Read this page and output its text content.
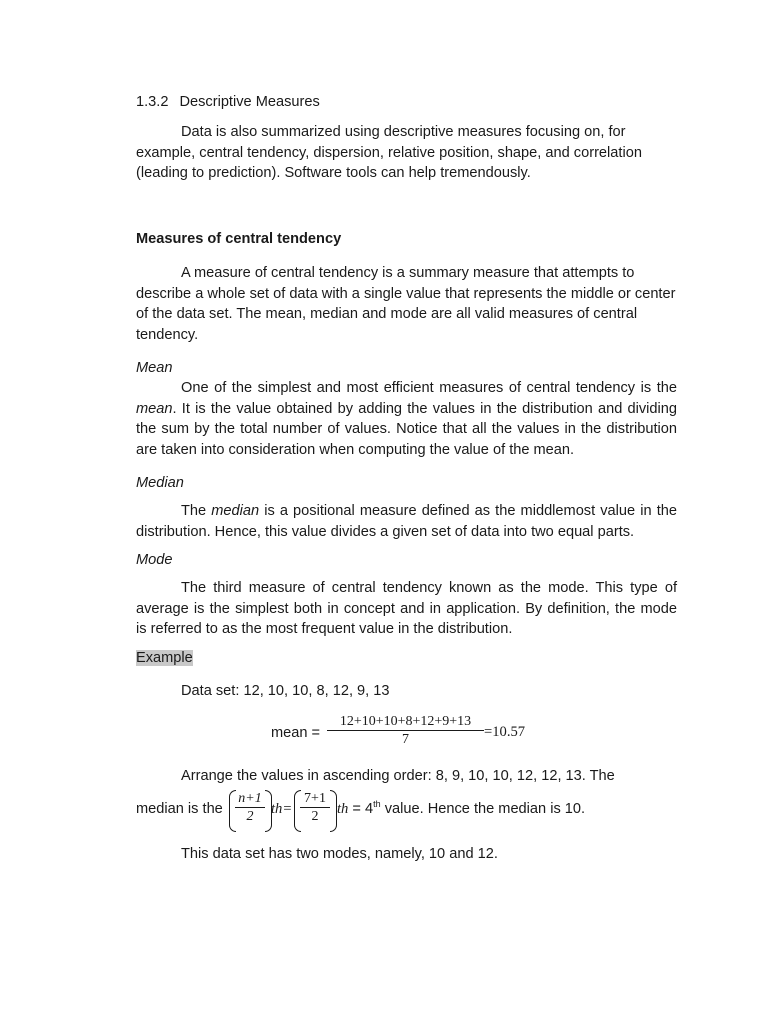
1.3.2 Descriptive Measures

Data is also summarized using descriptive measures focusing on, for example, central tendency, dispersion, relative position, shape, and correlation (leading to prediction). Software tools can help tremendously.

Measures of central tendency

A measure of central tendency is a summary measure that attempts to describe a whole set of data with a single value that represents the middle or center of the data set. The mean, median and mode are all valid measures of central tendency.

Mean

One of the simplest and most efficient measures of central tendency is the mean. It is the value obtained by adding the values in the distribution and dividing the sum by the total number of values. Notice that all the values in the distribution are taken into consideration when computing the value of the mean.

Median

The median is a positional measure defined as the middlemost value in the distribution. Hence, this value divides a given set of data into two equal parts.

Mode

The third measure of central tendency known as the mode. This type of average is the simplest both in concept and in application. By definition, the mode is referred to as the most frequent value in the distribution.

Example
Data set: 12, 10, 10, 8, 12, 9, 13
mean =
12+10+10+8+12+9+13
7	=10.57
Arrange the values in ascending order: 8, 9, 10, 10, 12, 12, 13. The
median is the
n+1
2	th=
7+1
2	th = 4th value. Hence the median is 10.
This data set has two modes, namely, 10 and 12.
